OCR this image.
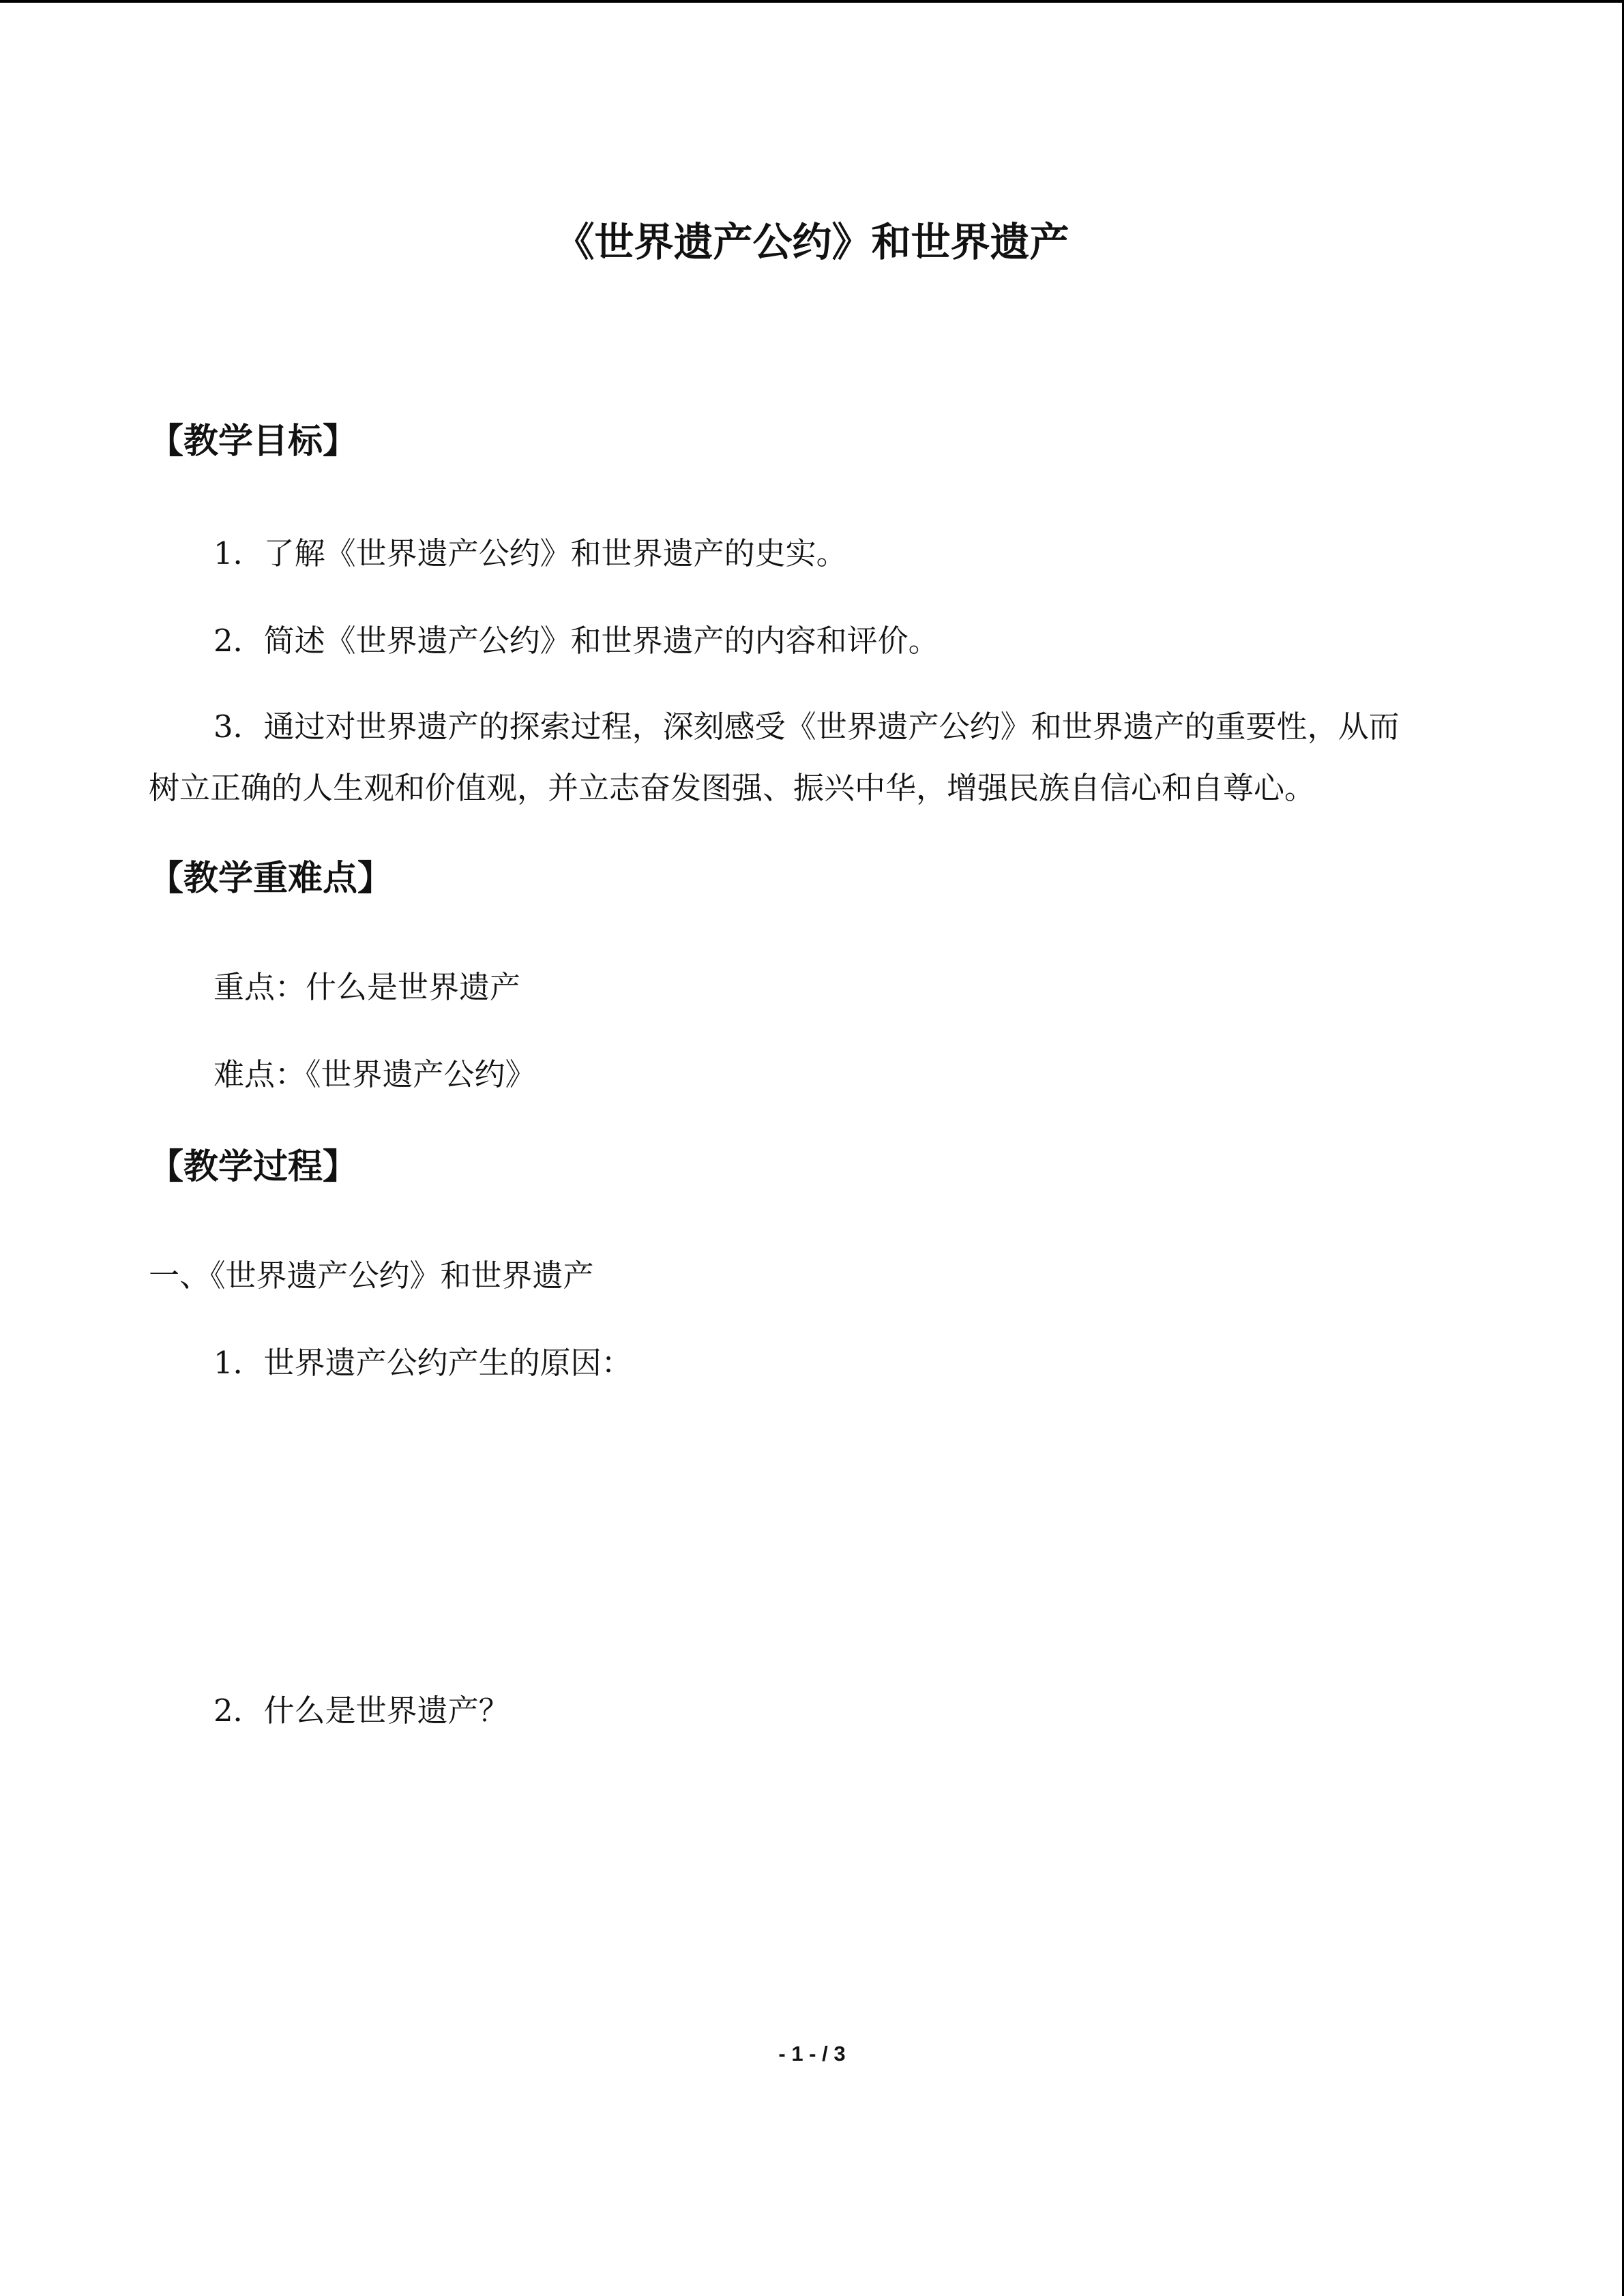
《世界遗产公约》和世界遗产
【教学目标】
1．了解《世界遗产公约》和世界遗产的史实。
2．简述《世界遗产公约》和世界遗产的内容和评价。
3．通过对世界遗产的探索过程，深刻感受《世界遗产公约》和世界遗产的重要性，从而
树立正确的人生观和价值观，并立志奋发图强、振兴中华，增强民族自信心和自尊心。
【教学重难点】
重点：什么是世界遗产
难点：《世界遗产公约》
【教学过程】
一、《世界遗产公约》和世界遗产
1．世界遗产公约产生的原因：
2．什么是世界遗产？
- 1 - / 3
